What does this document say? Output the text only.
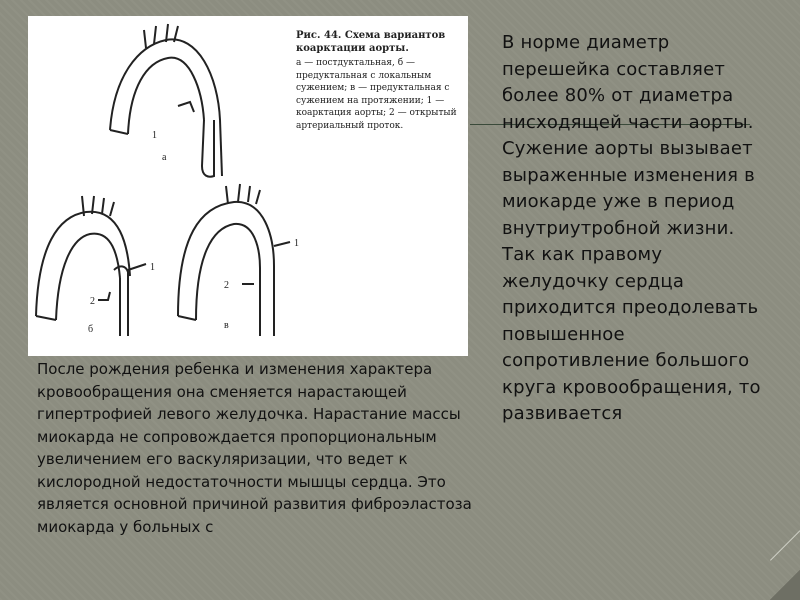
1
а
1
2
б
2
1
в
Рис. 44. Схема вариантов коарктации аорты.
а — постдуктальная, б — предуктальная с локальным сужением; в — предуктальная с сужением на протяжении; 1 — коарктация аорты; 2 — открытый артериальный проток.

В норме диаметр перешейка составляет более 80% от диаметра нисходящей части аорты.

Сужение аорты вызывает выраженные изменения в миокарде уже в период внутриутробной жизни. Так как правому желудочку сердца приходится преодолевать повышенное сопротивление большого круга кровообращения, то развивается

После рождения ребенка и изменения характера кровообращения она сменяется нарастающей гипертрофией левого желудочка. Нарастание массы миокарда не сопровождается пропорциональным увеличением его васкуляризации, что ведет к кислородной недостаточности мышцы сердца. Это является основной причиной развития фиброэластоза миокарда у больных с
